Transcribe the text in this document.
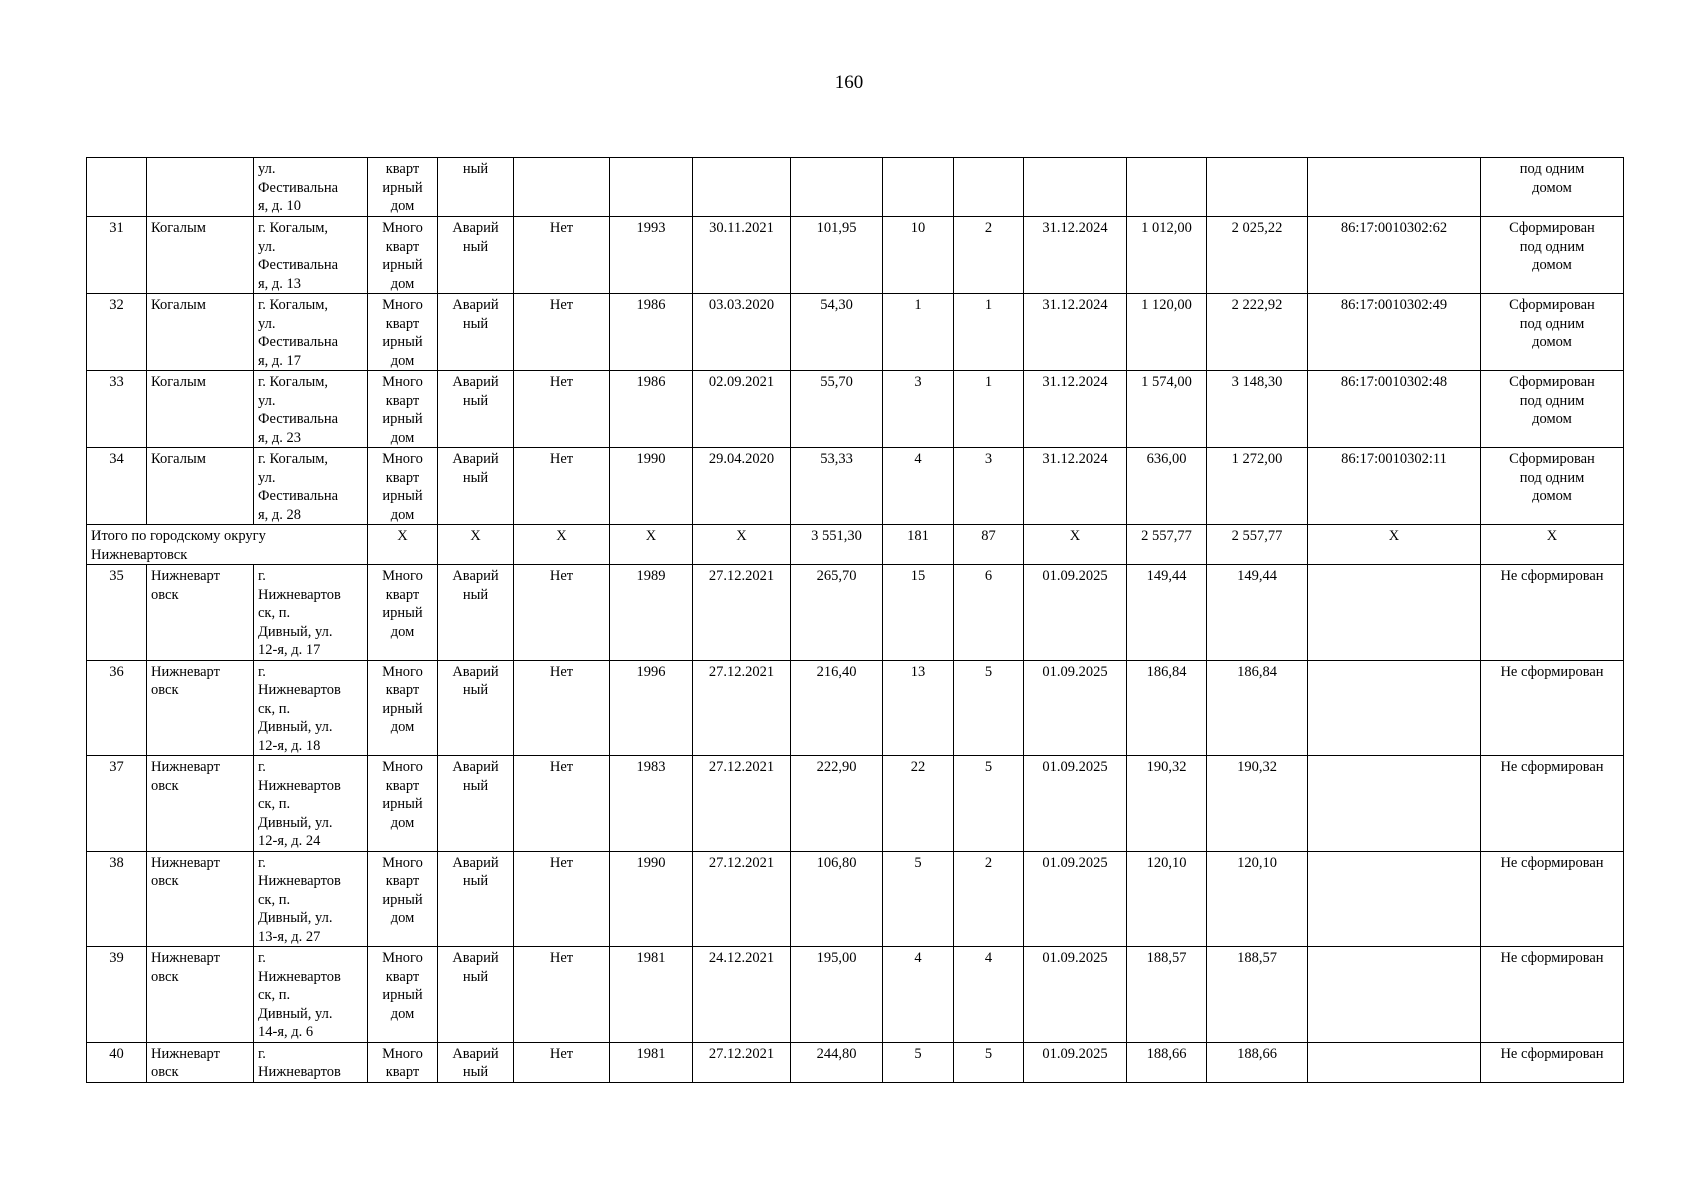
160
		ул.
Фестивальна
я, д. 10	кварт
ирный
дом	ный											под одним
домом
31	Когалым	г. Когалым,
ул.
Фестивальна
я, д. 13	Много
кварт
ирный
дом	Аварий
ный	Нет	1993	30.11.2021	101,95	10	2	31.12.2024	1 012,00	2 025,22	86:17:0010302:62	Сформирован
под одним
домом
32	Когалым	г. Когалым,
ул.
Фестивальна
я, д. 17	Много
кварт
ирный
дом	Аварий
ный	Нет	1986	03.03.2020	54,30	1	1	31.12.2024	1 120,00	2 222,92	86:17:0010302:49	Сформирован
под одним
домом
33	Когалым	г. Когалым,
ул.
Фестивальна
я, д. 23	Много
кварт
ирный
дом	Аварий
ный	Нет	1986	02.09.2021	55,70	3	1	31.12.2024	1 574,00	3 148,30	86:17:0010302:48	Сформирован
под одним
домом
34	Когалым	г. Когалым,
ул.
Фестивальна
я, д. 28	Много
кварт
ирный
дом	Аварий
ный	Нет	1990	29.04.2020	53,33	4	3	31.12.2024	636,00	1 272,00	86:17:0010302:11	Сформирован
под одним
домом
Итого по городскому округу
Нижневартовск			Х	Х	Х	Х	Х	3 551,30	181	87	Х	2 557,77	2 557,77	Х	Х
35	Нижневарт
овск	г.
Нижневартов
ск, п.
Дивный, ул.
12-я, д. 17	Много
кварт
ирный
дом	Аварий
ный	Нет	1989	27.12.2021	265,70	15	6	01.09.2025	149,44	149,44		Не сформирован
36	Нижневарт
овск	г.
Нижневартов
ск, п.
Дивный, ул.
12-я, д. 18	Много
кварт
ирный
дом	Аварий
ный	Нет	1996	27.12.2021	216,40	13	5	01.09.2025	186,84	186,84		Не сформирован
37	Нижневарт
овск	г.
Нижневартов
ск, п.
Дивный, ул.
12-я, д. 24	Много
кварт
ирный
дом	Аварий
ный	Нет	1983	27.12.2021	222,90	22	5	01.09.2025	190,32	190,32		Не сформирован
38	Нижневарт
овск	г.
Нижневартов
ск, п.
Дивный, ул.
13-я, д. 27	Много
кварт
ирный
дом	Аварий
ный	Нет	1990	27.12.2021	106,80	5	2	01.09.2025	120,10	120,10		Не сформирован
39	Нижневарт
овск	г.
Нижневартов
ск, п.
Дивный, ул.
14-я, д. 6	Много
кварт
ирный
дом	Аварий
ный	Нет	1981	24.12.2021	195,00	4	4	01.09.2025	188,57	188,57		Не сформирован
40	Нижневарт
овск	г.
Нижневартов	Много
кварт	Аварий
ный	Нет	1981	27.12.2021	244,80	5	5	01.09.2025	188,66	188,66		Не сформирован
